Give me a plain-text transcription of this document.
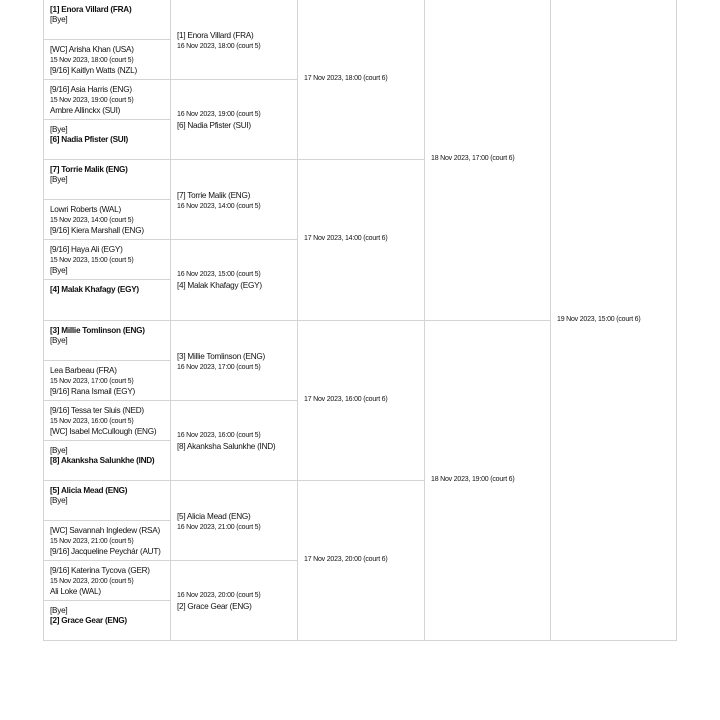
[1] Enora Villard (FRA)
[Bye]
[WC] Arisha Khan (USA)
15 Nov 2023, 18:00 (court 5)
[9/16] Kaitlyn Watts (NZL)
[9/16] Asia Harris (ENG)
15 Nov 2023, 19:00 (court 5)
Ambre Allinckx (SUI)
[Bye]
[6] Nadia Pfister (SUI)
[7] Torrie Malik (ENG)
[Bye]
Lowri Roberts (WAL)
15 Nov 2023, 14:00 (court 5)
[9/16] Kiera Marshall (ENG)
[9/16] Haya Ali (EGY)
15 Nov 2023, 15:00 (court 5)
[Bye]
[4] Malak Khafagy (EGY)
[3] Millie Tomlinson (ENG)
[Bye]
Lea Barbeau (FRA)
15 Nov 2023, 17:00 (court 5)
[9/16] Rana Ismail (EGY)
[9/16] Tessa ter Sluis (NED)
15 Nov 2023, 16:00 (court 5)
[WC] Isabel McCullough (ENG)
[Bye]
[8] Akanksha Salunkhe (IND)
[5] Alicia Mead (ENG)
[Bye]
[WC] Savannah Ingledew (RSA)
15 Nov 2023, 21:00 (court 5)
[9/16] Jacqueline Peychár (AUT)
[9/16] Katerina Tycova (GER)
15 Nov 2023, 20:00 (court 5)
Ali Loke (WAL)
[Bye]
[2] Grace Gear (ENG)
[1] Enora Villard (FRA)
16 Nov 2023, 18:00 (court 5)
16 Nov 2023, 19:00 (court 5)
[6] Nadia Pfister (SUI)
[7] Torrie Malik (ENG)
16 Nov 2023, 14:00 (court 5)
16 Nov 2023, 15:00 (court 5)
[4] Malak Khafagy (EGY)
[3] Millie Tomlinson (ENG)
16 Nov 2023, 17:00 (court 5)
16 Nov 2023, 16:00 (court 5)
[8] Akanksha Salunkhe (IND)
[5] Alicia Mead (ENG)
16 Nov 2023, 21:00 (court 5)
16 Nov 2023, 20:00 (court 5)
[2] Grace Gear (ENG)
17 Nov 2023, 18:00 (court 6)
17 Nov 2023, 14:00 (court 6)
17 Nov 2023, 16:00 (court 6)
17 Nov 2023, 20:00 (court 6)
18 Nov 2023, 17:00 (court 6)
18 Nov 2023, 19:00 (court 6)
19 Nov 2023, 15:00 (court 6)
